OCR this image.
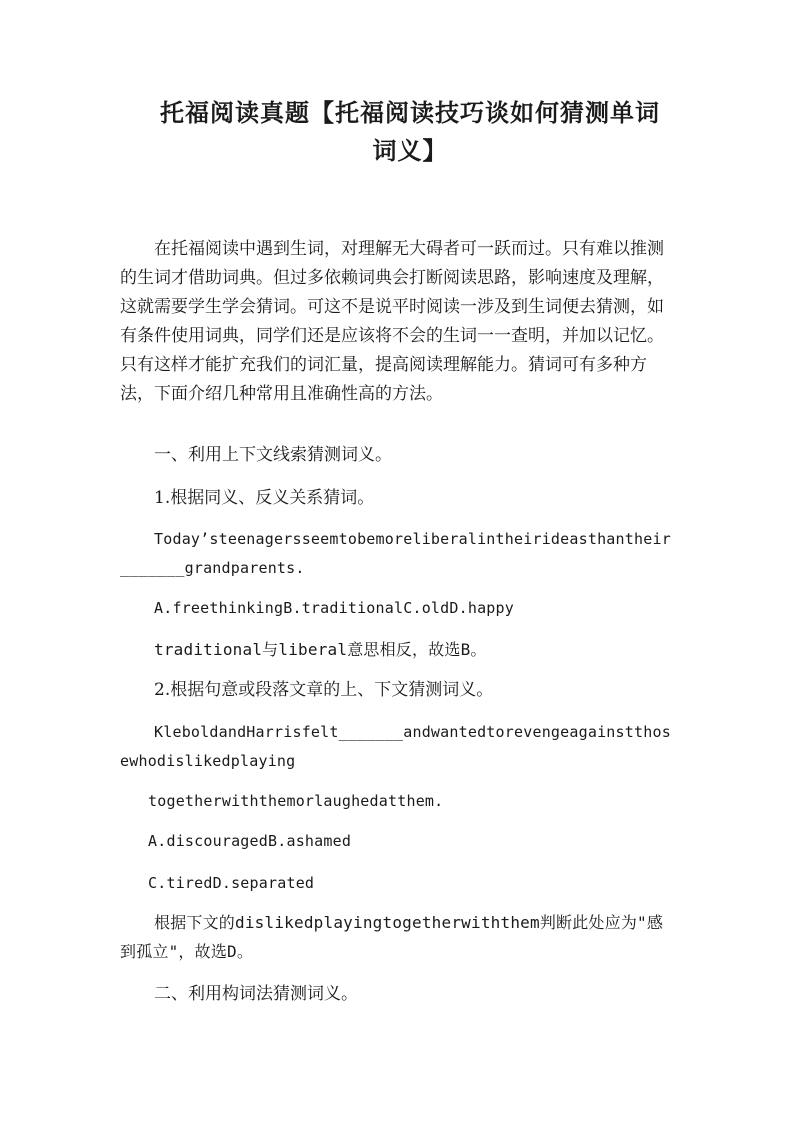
托福阅读真题【托福阅读技巧谈如何猜测单词词义】

在托福阅读中遇到生词，对理解无大碍者可一跃而过。只有难以推测的生词才借助词典。但过多依赖词典会打断阅读思路，影响速度及理解，这就需要学生学会猜词。可这不是说平时阅读一涉及到生词便去猜测，如有条件使用词典，同学们还是应该将不会的生词一一查明，并加以记忆。只有这样才能扩充我们的词汇量，提高阅读理解能力。猜词可有多种方法，下面介绍几种常用且准确性高的方法。

一、利用上下文线索猜测词义。

1.根据同义、反义关系猜词。

Today’steenagersseemtobemoreliberalintheirideasthantheir_______grandparents.

A.freethinkingB.traditionalC.oldD.happy

traditional与liberal意思相反，故选B。

2.根据句意或段落文章的上、下文猜测词义。

KleboldandHarrisfelt_______andwantedtorevengeagainstthosewhodislikedplaying

togetherwiththemorlaughedatthem.

A.discouragedB.ashamed

C.tiredD.separated

根据下文的dislikedplayingtogetherwiththem判断此处应为"感到孤立"，故选D。

二、利用构词法猜测词义。
